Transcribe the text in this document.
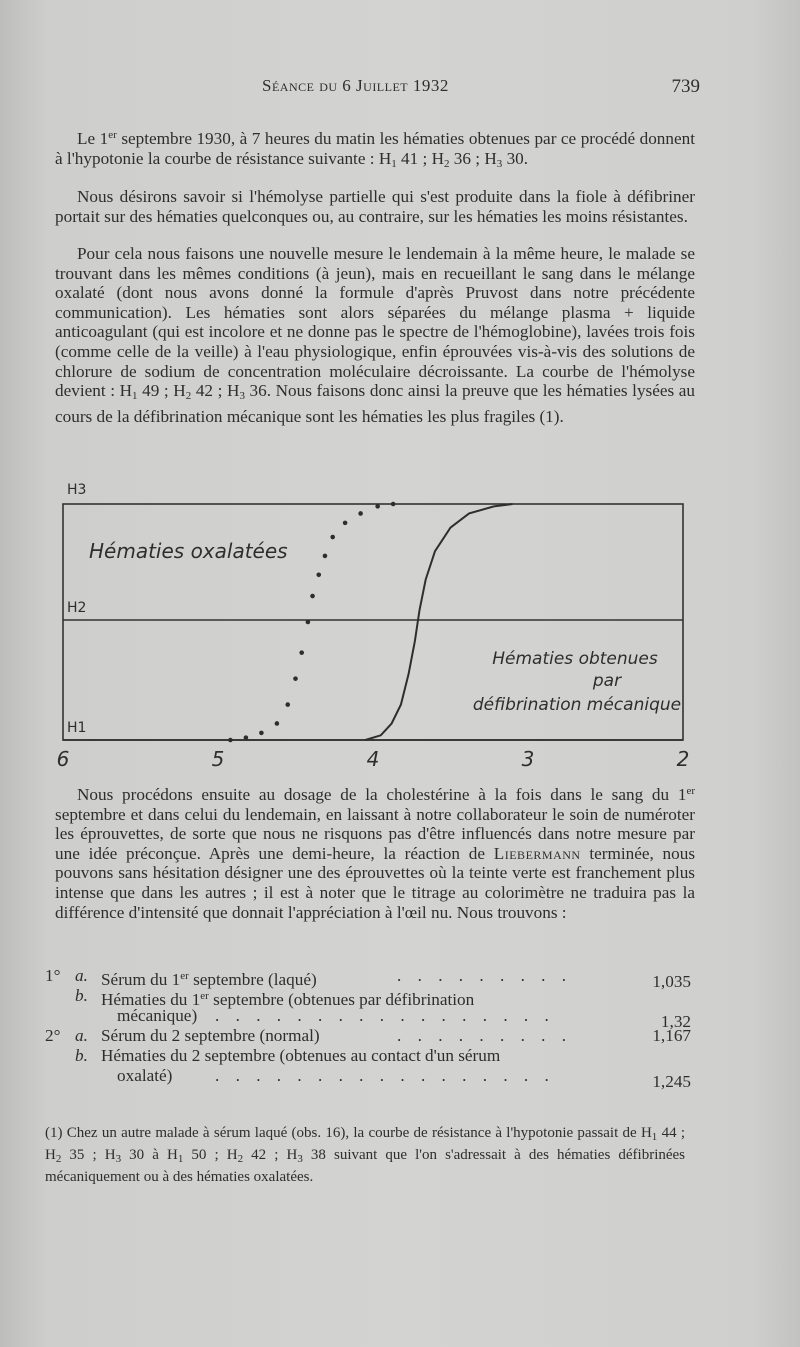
Séance du 6 Juillet 1932	739

Le 1er septembre 1930, à 7 heures du matin les hématies obtenues par ce procédé donnent à l'hypotonie la courbe de résistance suivante : $H_1$ 41 ; $H_2$ 36 ; $H_3$ 30.

Nous désirons savoir si l'hémolyse partielle qui s'est produite dans la fiole à défibriner portait sur des hématies quelconques ou, au contraire, sur les hématies les moins résistantes.

Pour cela nous faisons une nouvelle mesure le lendemain à la même heure, le malade se trouvant dans les mêmes conditions (à jeun), mais en recueillant le sang dans le mélange oxalaté (dont nous avons donné la formule d'après Pruvost dans notre précédente communication). Les hématies sont alors séparées du mélange plasma + liquide anticoagulant (qui est incolore et ne donne pas le spectre de l'hémoglobine), lavées trois fois (comme celle de la veille) à l'eau physiologique, enfin éprouvées vis-à-vis des solutions de chlorure de sodium de concentration moléculaire décroissante. La courbe de l'hémolyse devient : $H_1$ 49 ; $H_2$ 42 ; $H_3$ 36. Nous faisons donc ainsi la preuve que les hématies lysées au cours de la défibrination mécanique sont les hématies les plus fragiles (1).

H3
H2
H1
6	5	4	3	2
Hématies oxalatées
Hématies obtenues
par
défibrination mécanique

Nous procédons ensuite au dosage de la cholestérine à la fois dans le sang du 1er septembre et dans celui du lendemain, en laissant à notre collaborateur le soin de numéroter les éprouvettes, de sorte que nous ne risquons pas d'être influencés dans notre mesure par une idée préconçue. Après une demi-heure, la réaction de Liebermann terminée, nous pouvons sans hésitation désigner une des éprouvettes où la teinte verte est franchement plus intense que dans les autres ; il est à noter que le titrage au colorimètre ne traduira pas la différence d'intensité que donnait l'appréciation à l'œil nu. Nous trouvons :

1° a. Sérum du 1er septembre (laqué)	. . . . . . . . .	1,035
b. Hématies du 1er septembre (obtenues par défibrination
mécanique) . . . . . . . . . . . . . . . . .	1,32
2° a. Sérum du 2 septembre (normal)	. . . . . . . . .	1,167
b. Hématies du 2 septembre (obtenues au contact d'un sérum
oxalaté) . . . . . . . . . . . . . . . . .	1,245
(1) Chez un autre malade à sérum laqué (obs. 16), la courbe de résistance à l'hypotonie passait de $H_1$ 44 ; $H_2$ 35 ; $H_3$ 30 à $H_1$ 50 ; $H_2$ 42 ; $H_3$ 38 suivant que l'on s'adressait à des hématies défibrinées mécaniquement ou à des hématies oxalatées.
